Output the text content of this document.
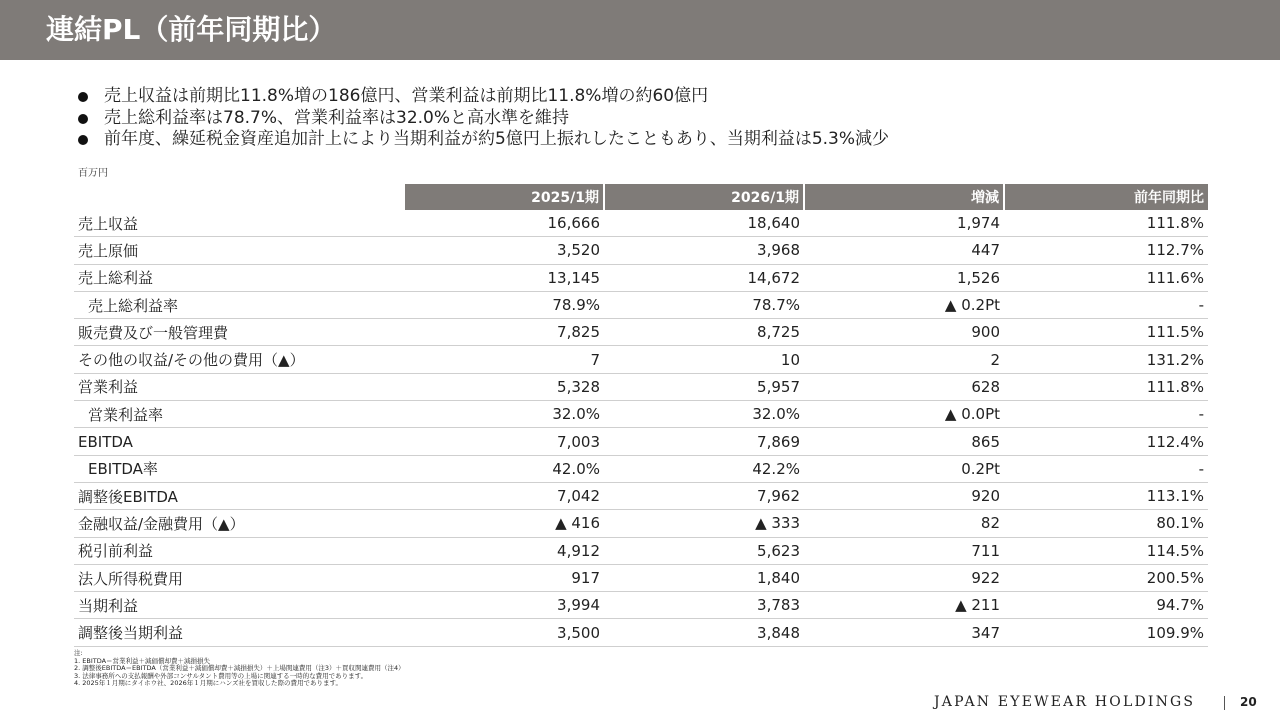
連結PL（前年同期比）
売上収益は前期比11.8%増の186億円、営業利益は前期比11.8%増の約60億円
売上総利益率は78.7%、営業利益率は32.0%と高水準を維持
前年度、繰延税金資産追加計上により当期利益が約5億円上振れしたこともあり、当期利益は5.3%減少
百万円
	2025/1期	2026/1期	増減	前年同期比
売上収益	16,666	18,640	1,974	111.8%
売上原価	3,520	3,968	447	112.7%
売上総利益	13,145	14,672	1,526	111.6%
売上総利益率	78.9%	78.7%	▲ 0.2Pt	-
販売費及び一般管理費	7,825	8,725	900	111.5%
その他の収益/その他の費用（▲）	7	10	2	131.2%
営業利益	5,328	5,957	628	111.8%
営業利益率	32.0%	32.0%	▲ 0.0Pt	-
EBITDA	7,003	7,869	865	112.4%
EBITDA率	42.0%	42.2%	0.2Pt	-
調整後EBITDA	7,042	7,962	920	113.1%
金融収益/金融費用（▲）	▲ 416	▲ 333	82	80.1%
税引前利益	4,912	5,623	711	114.5%
法人所得税費用	917	1,840	922	200.5%
当期利益	3,994	3,783	▲ 211	94.7%
調整後当期利益	3,500	3,848	347	109.9%
注:
1. EBITDA＝営業利益＋減価償却費＋減損損失
2. 調整後EBITDA＝EBITDA（営業利益＋減価償却費＋減損損失）＋上場関連費用（注3）＋買収関連費用（注4）
3. 法律事務所への支払報酬や外部コンサルタント費用等の上場に関連する一時的な費用であります。
4. 2025年１月期にタイホウ社、2026年１月期にハンズ社を買収した際の費用であります。
JAPAN EYEWEAR HOLDINGS	20
